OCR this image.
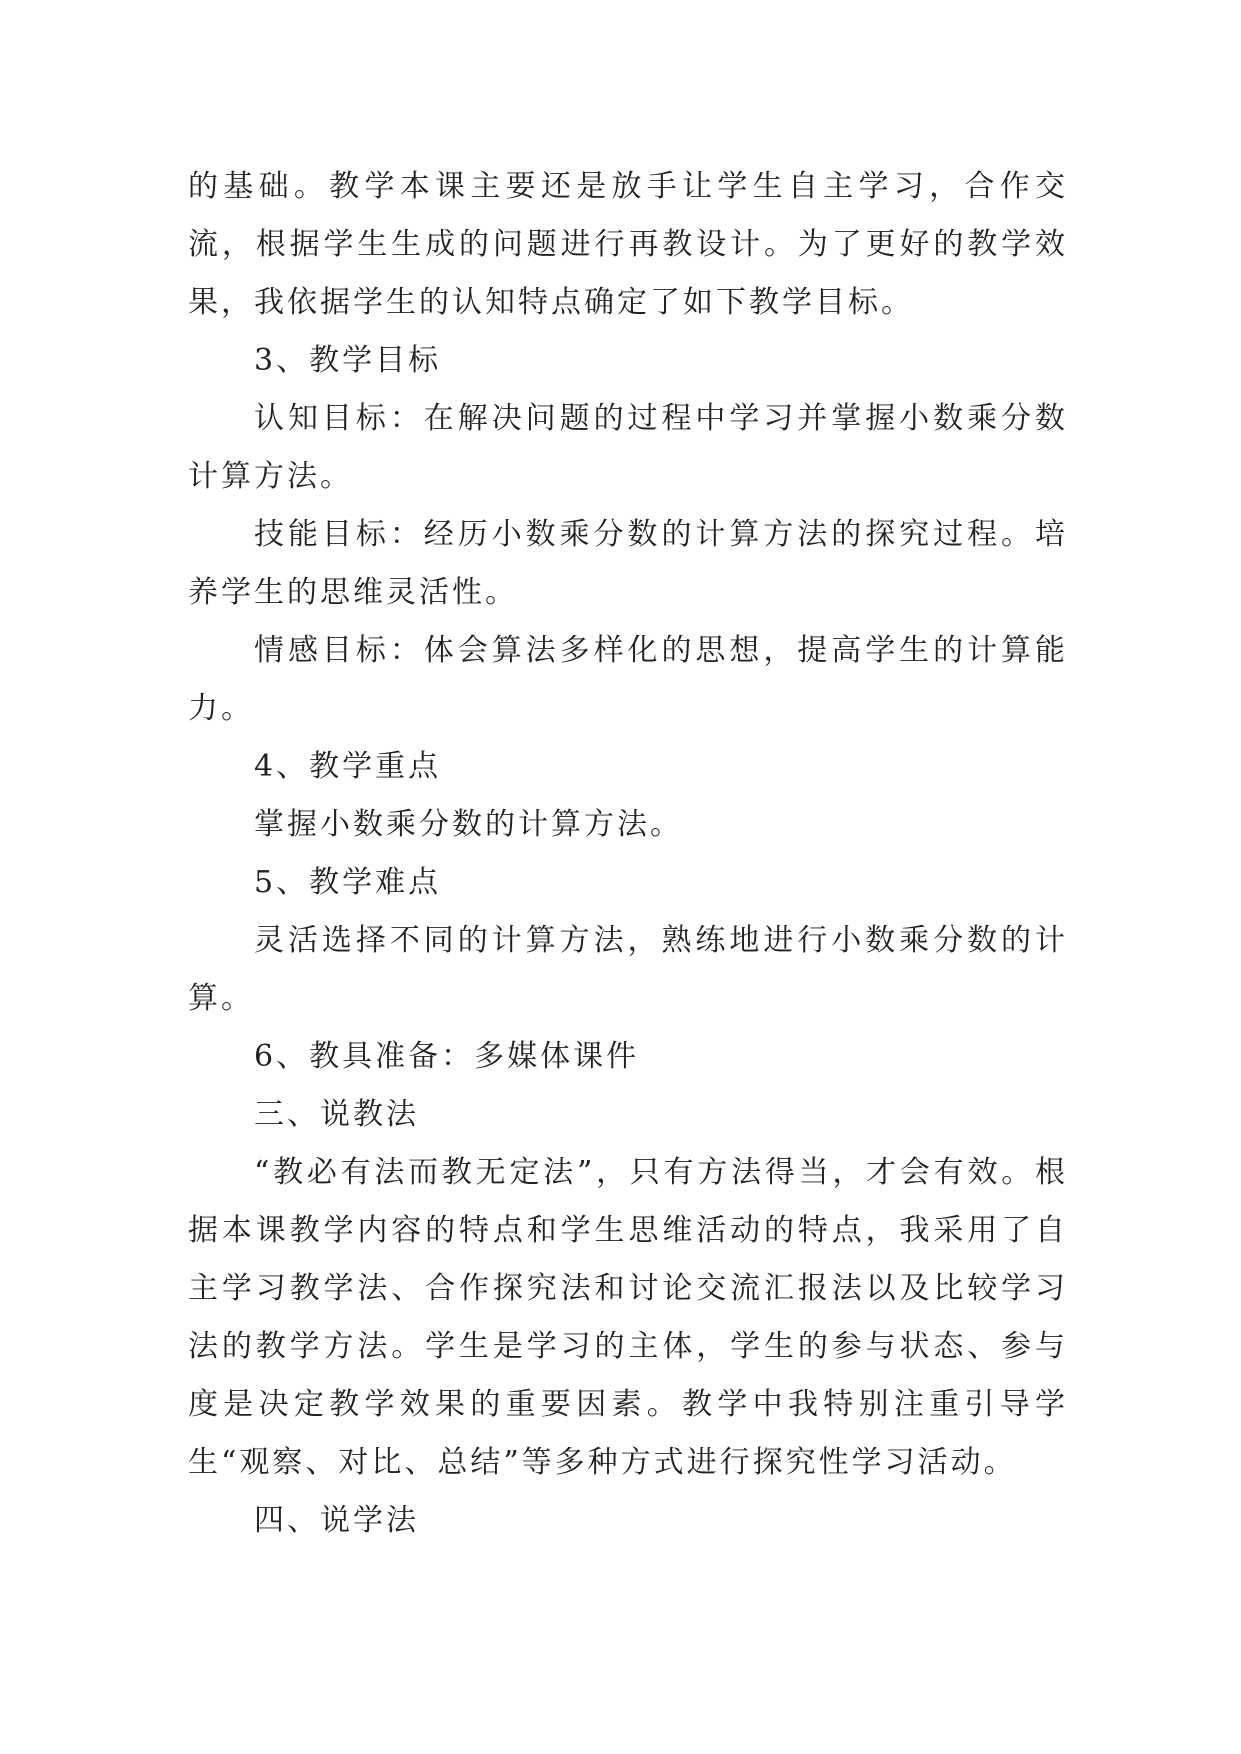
的基础。教学本课主要还是放手让学生自主学习，合作交流，根据学生生成的问题进行再教设计。为了更好的教学效果，我依据学生的认知特点确定了如下教学目标。

3、教学目标

认知目标：在解决问题的过程中学习并掌握小数乘分数计算方法。

技能目标：经历小数乘分数的计算方法的探究过程。培养学生的思维灵活性。

情感目标：体会算法多样化的思想，提高学生的计算能力。

4、教学重点

掌握小数乘分数的计算方法。

5、教学难点

灵活选择不同的计算方法，熟练地进行小数乘分数的计算。

6、教具准备：多媒体课件

三、说教法

“教必有法而教无定法”，只有方法得当，才会有效。根据本课教学内容的特点和学生思维活动的特点，我采用了自主学习教学法、合作探究法和讨论交流汇报法以及比较学习法的教学方法。学生是学习的主体，学生的参与状态、参与度是决定教学效果的重要因素。教学中我特别注重引导学生“观察、对比、总结”等多种方式进行探究性学习活动。

四、说学法
